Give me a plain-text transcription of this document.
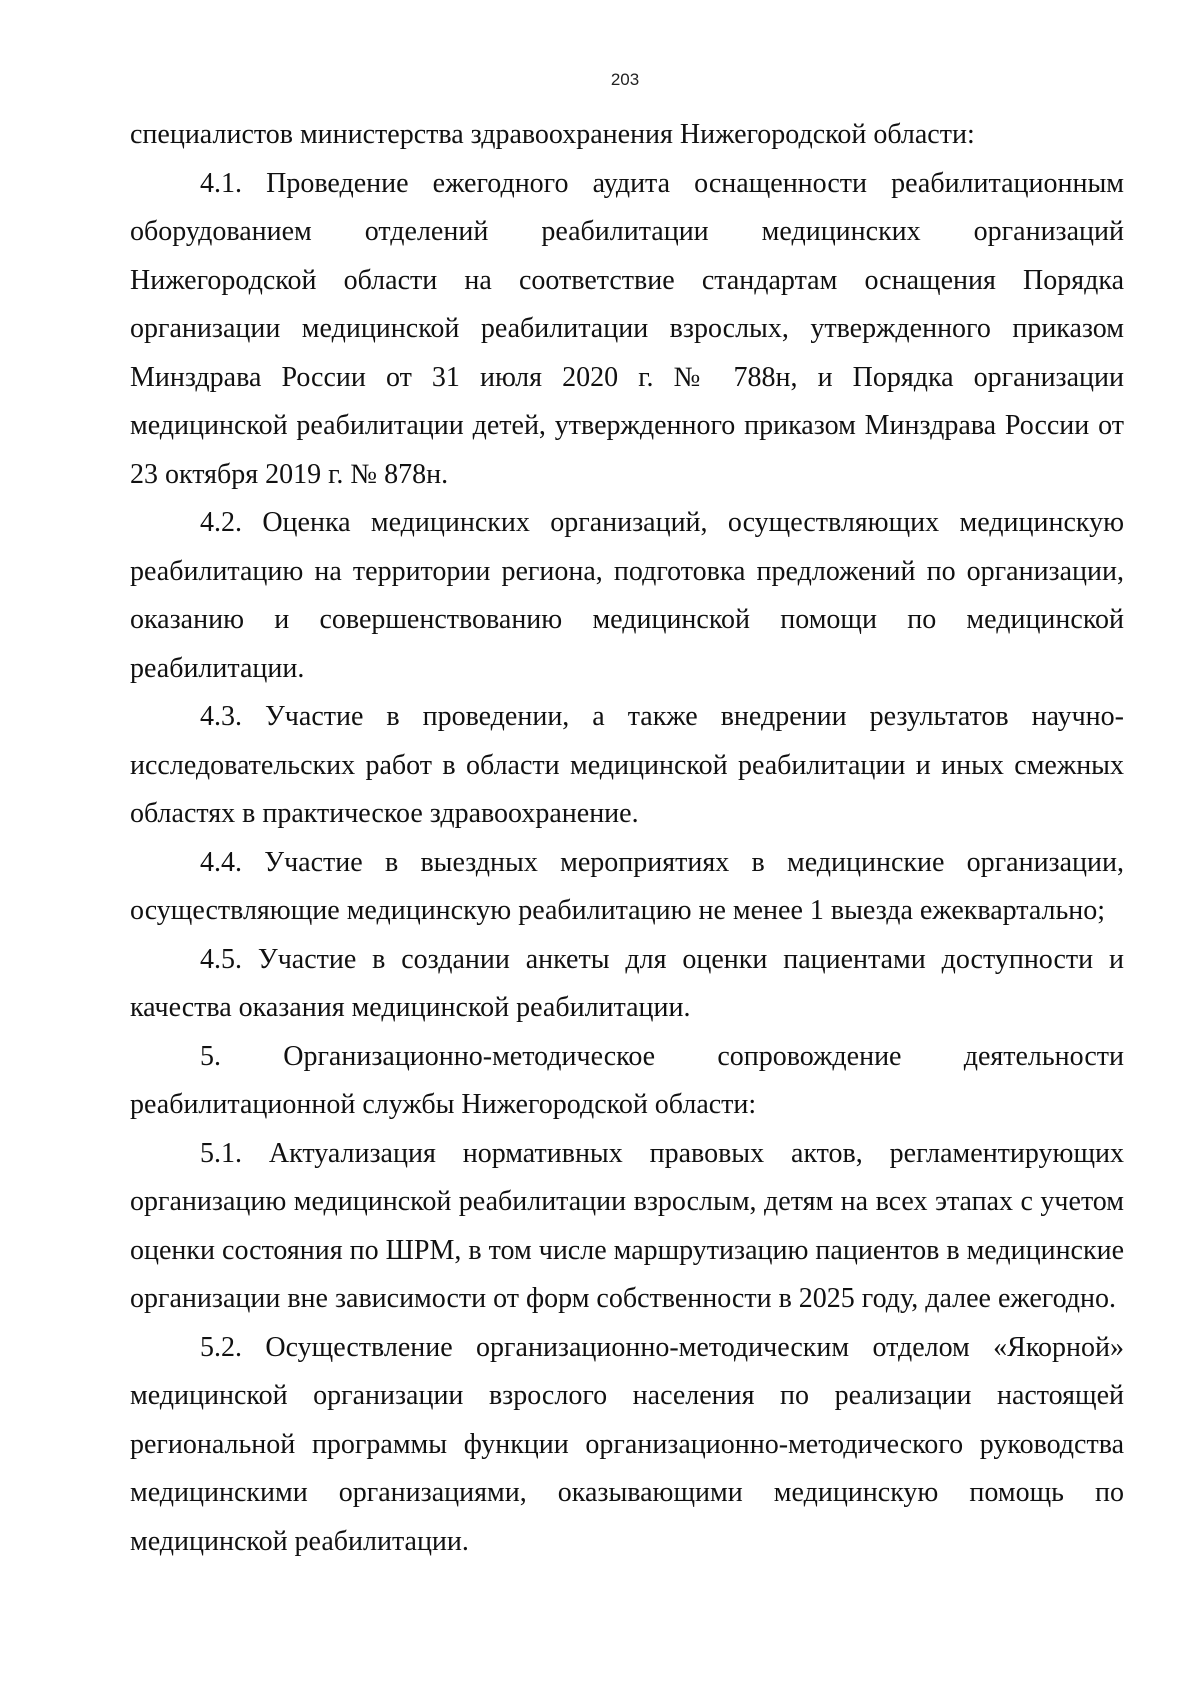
203

специалистов министерства здравоохранения Нижегородской области:

4.1. Проведение ежегодного аудита оснащенности реабилитационным оборудованием отделений реабилитации медицинских организаций Нижегородской области на соответствие стандартам оснащения Порядка организации медицинской реабилитации взрослых, утвержденного приказом Минздрава России от 31 июля 2020 г. № 788н, и Порядка организации медицинской реабилитации детей, утвержденного приказом Минздрава России от 23 октября 2019 г. № 878н.

4.2. Оценка медицинских организаций, осуществляющих медицинскую реабилитацию на территории региона, подготовка предложений по организации, оказанию и совершенствованию медицинской помощи по медицинской реабилитации.

4.3. Участие в проведении, а также внедрении результатов научно-исследовательских работ в области медицинской реабилитации и иных смежных областях в практическое здравоохранение.

4.4. Участие в выездных мероприятиях в медицинские организации, осуществляющие медицинскую реабилитацию не менее 1 выезда ежеквартально;

4.5. Участие в создании анкеты для оценки пациентами доступности и качества оказания медицинской реабилитации.

5. Организационно-методическое сопровождение деятельности реабилитационной службы Нижегородской области:

5.1. Актуализация нормативных правовых актов, регламентирующих организацию медицинской реабилитации взрослым, детям на всех этапах с учетом оценки состояния по ШРМ, в том числе маршрутизацию пациентов в медицинские организации вне зависимости от форм собственности в 2025 году, далее ежегодно.

5.2. Осуществление организационно-методическим отделом «Якорной» медицинской организации взрослого населения по реализации настоящей региональной программы функции организационно-методического руководства медицинскими организациями, оказывающими медицинскую помощь по медицинской реабилитации.
